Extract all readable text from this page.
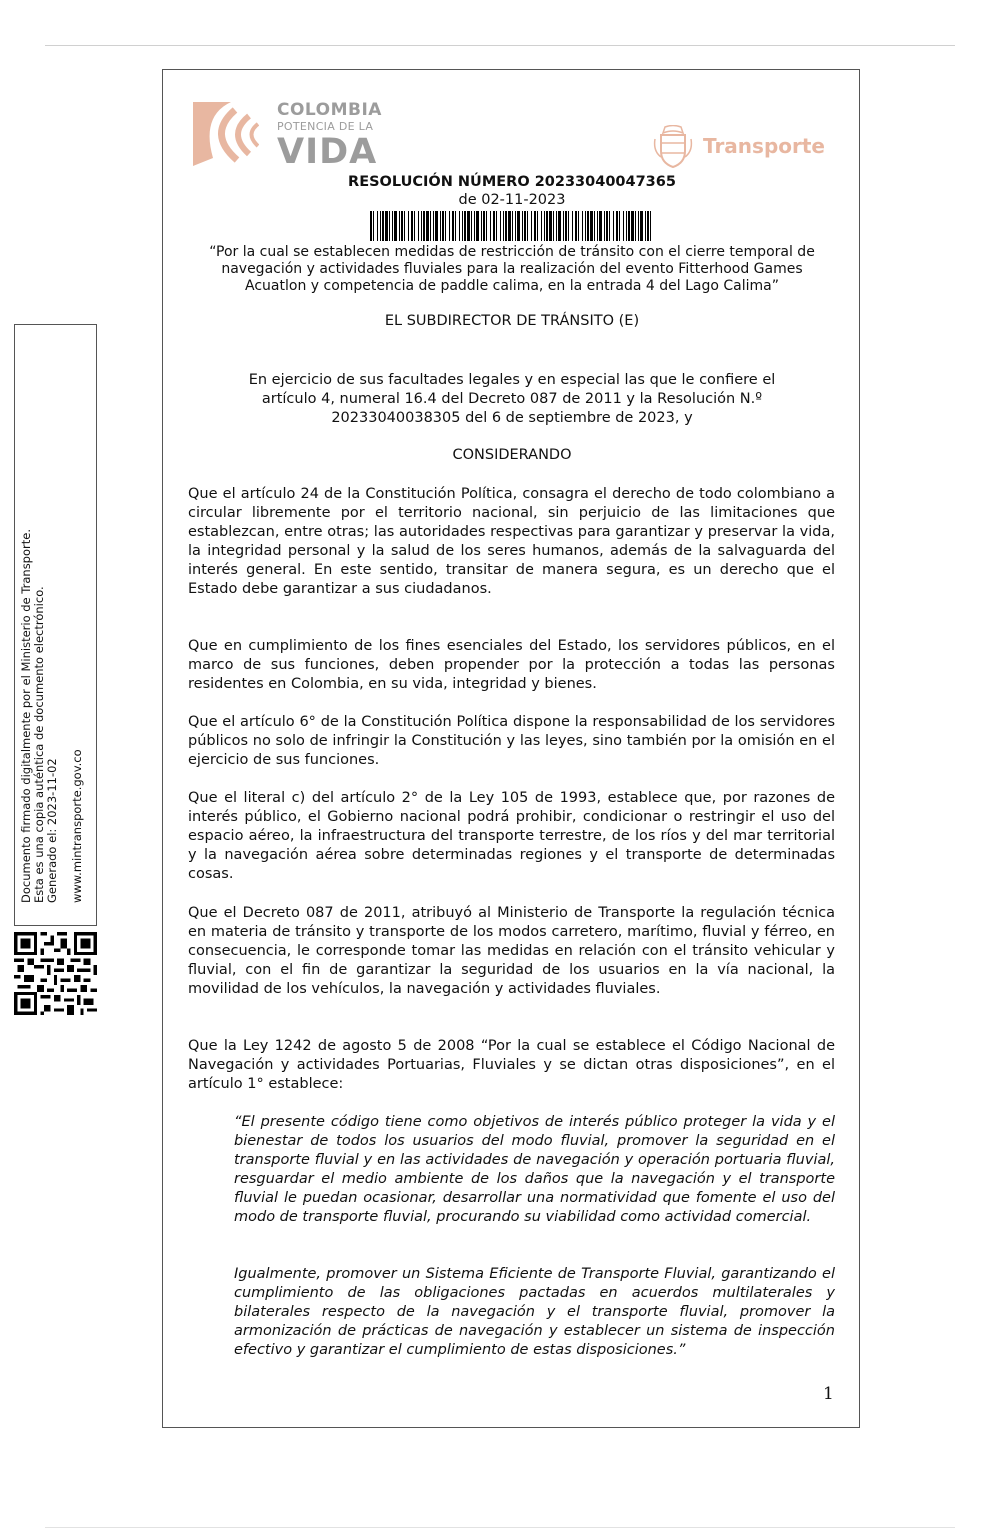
Documento firmado digitalmente por el Ministerio de Transporte. Esta es una copia auténtica de documento electrónico. Generado el: 2023-11-02 www.mintransporte.gov.co
COLOMBIA
POTENCIA DE LA
VIDA	Transporte
RESOLUCIÓN NÚMERO 20233040047365
de 02-11-2023
“Por la cual se establecen medidas de restricción de tránsito con el cierre temporal de
navegación y actividades fluviales para la realización del evento Fitterhood Games
Acuatlon y competencia de paddle calima, en la entrada 4 del Lago Calima”
EL SUBDIRECTOR DE TRÁNSITO (E)
En ejercicio de sus facultades legales y en especial las que le confiere el
artículo 4, numeral 16.4 del Decreto 087 de 2011 y la Resolución N.º
20233040038305 del 6 de septiembre de 2023, y
CONSIDERANDO

Que el artículo 24 de la Constitución Política, consagra el derecho de todo colombiano a circular libremente por el territorio nacional, sin perjuicio de las limitaciones que establezcan, entre otras; las autoridades respectivas para garantizar y preservar la vida, la integridad personal y la salud de los seres humanos, además de la salvaguarda del interés general. En este sentido, transitar de manera segura, es un derecho que el Estado debe garantizar a sus ciudadanos.

Que en cumplimiento de los fines esenciales del Estado, los servidores públicos, en el marco de sus funciones, deben propender por la protección a todas las personas residentes en Colombia, en su vida, integridad y bienes.

Que el artículo 6° de la Constitución Política dispone la responsabilidad de los servidores públicos no solo de infringir la Constitución y las leyes, sino también por la omisión en el ejercicio de sus funciones.

Que el literal c) del artículo 2° de la Ley 105 de 1993, establece que, por razones de interés público, el Gobierno nacional podrá prohibir, condicionar o restringir el uso del espacio aéreo, la infraestructura del transporte terrestre, de los ríos y del mar territorial y la navegación aérea sobre determinadas regiones y el transporte de determinadas cosas.

Que el Decreto 087 de 2011, atribuyó al Ministerio de Transporte la regulación técnica en materia de tránsito y transporte de los modos carretero, marítimo, fluvial y férreo, en consecuencia, le corresponde tomar las medidas en relación con el tránsito vehicular y fluvial, con el fin de garantizar la seguridad de los usuarios en la vía nacional, la movilidad de los vehículos, la navegación y actividades fluviales.

Que la Ley 1242 de agosto 5 de 2008 “Por la cual se establece el Código Nacional de Navegación y actividades Portuarias, Fluviales y se dictan otras disposiciones”, en el artículo 1° establece:

“El presente código tiene como objetivos de interés público proteger la vida y el bienestar de todos los usuarios del modo fluvial, promover la seguridad en el transporte fluvial y en las actividades de navegación y operación portuaria fluvial, resguardar el medio ambiente de los daños que la navegación y el transporte fluvial le puedan ocasionar, desarrollar una normatividad que fomente el uso del modo de transporte fluvial, procurando su viabilidad como actividad comercial.

Igualmente, promover un Sistema Eficiente de Transporte Fluvial, garantizando el cumplimiento de las obligaciones pactadas en acuerdos multilaterales y bilaterales respecto de la navegación y el transporte fluvial, promover la armonización de prácticas de navegación y establecer un sistema de inspección efectivo y garantizar el cumplimiento de estas disposiciones.”

1
